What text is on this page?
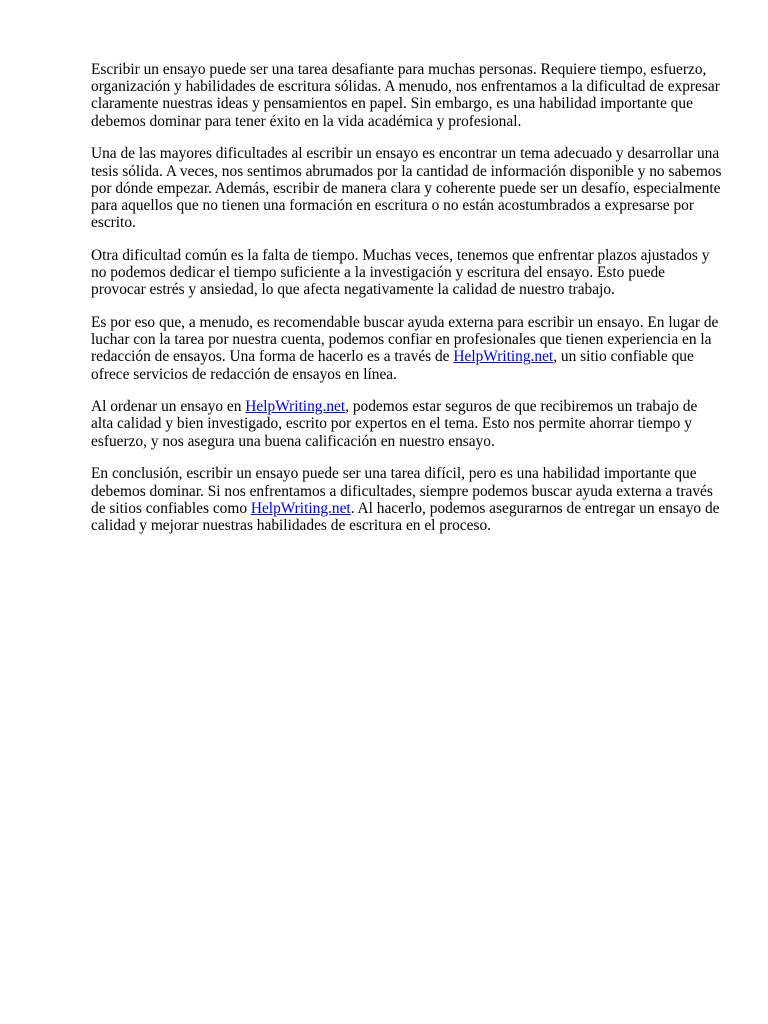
Escribir un ensayo puede ser una tarea desafiante para muchas personas. Requiere tiempo, esfuerzo, organización y habilidades de escritura sólidas. A menudo, nos enfrentamos a la dificultad de expresar claramente nuestras ideas y pensamientos en papel. Sin embargo, es una habilidad importante que debemos dominar para tener éxito en la vida académica y profesional.

Una de las mayores dificultades al escribir un ensayo es encontrar un tema adecuado y desarrollar una tesis sólida. A veces, nos sentimos abrumados por la cantidad de información disponible y no sabemos por dónde empezar. Además, escribir de manera clara y coherente puede ser un desafío, especialmente para aquellos que no tienen una formación en escritura o no están acostumbrados a expresarse por escrito.

Otra dificultad común es la falta de tiempo. Muchas veces, tenemos que enfrentar plazos ajustados y no podemos dedicar el tiempo suficiente a la investigación y escritura del ensayo. Esto puede provocar estrés y ansiedad, lo que afecta negativamente la calidad de nuestro trabajo.

Es por eso que, a menudo, es recomendable buscar ayuda externa para escribir un ensayo. En lugar de luchar con la tarea por nuestra cuenta, podemos confiar en profesionales que tienen experiencia en la redacción de ensayos. Una forma de hacerlo es a través de HelpWriting.net, un sitio confiable que ofrece servicios de redacción de ensayos en línea.

Al ordenar un ensayo en HelpWriting.net, podemos estar seguros de que recibiremos un trabajo de alta calidad y bien investigado, escrito por expertos en el tema. Esto nos permite ahorrar tiempo y esfuerzo, y nos asegura una buena calificación en nuestro ensayo.

En conclusión, escribir un ensayo puede ser una tarea difícil, pero es una habilidad importante que debemos dominar. Si nos enfrentamos a dificultades, siempre podemos buscar ayuda externa a través de sitios confiables como HelpWriting.net. Al hacerlo, podemos asegurarnos de entregar un ensayo de calidad y mejorar nuestras habilidades de escritura en el proceso.
